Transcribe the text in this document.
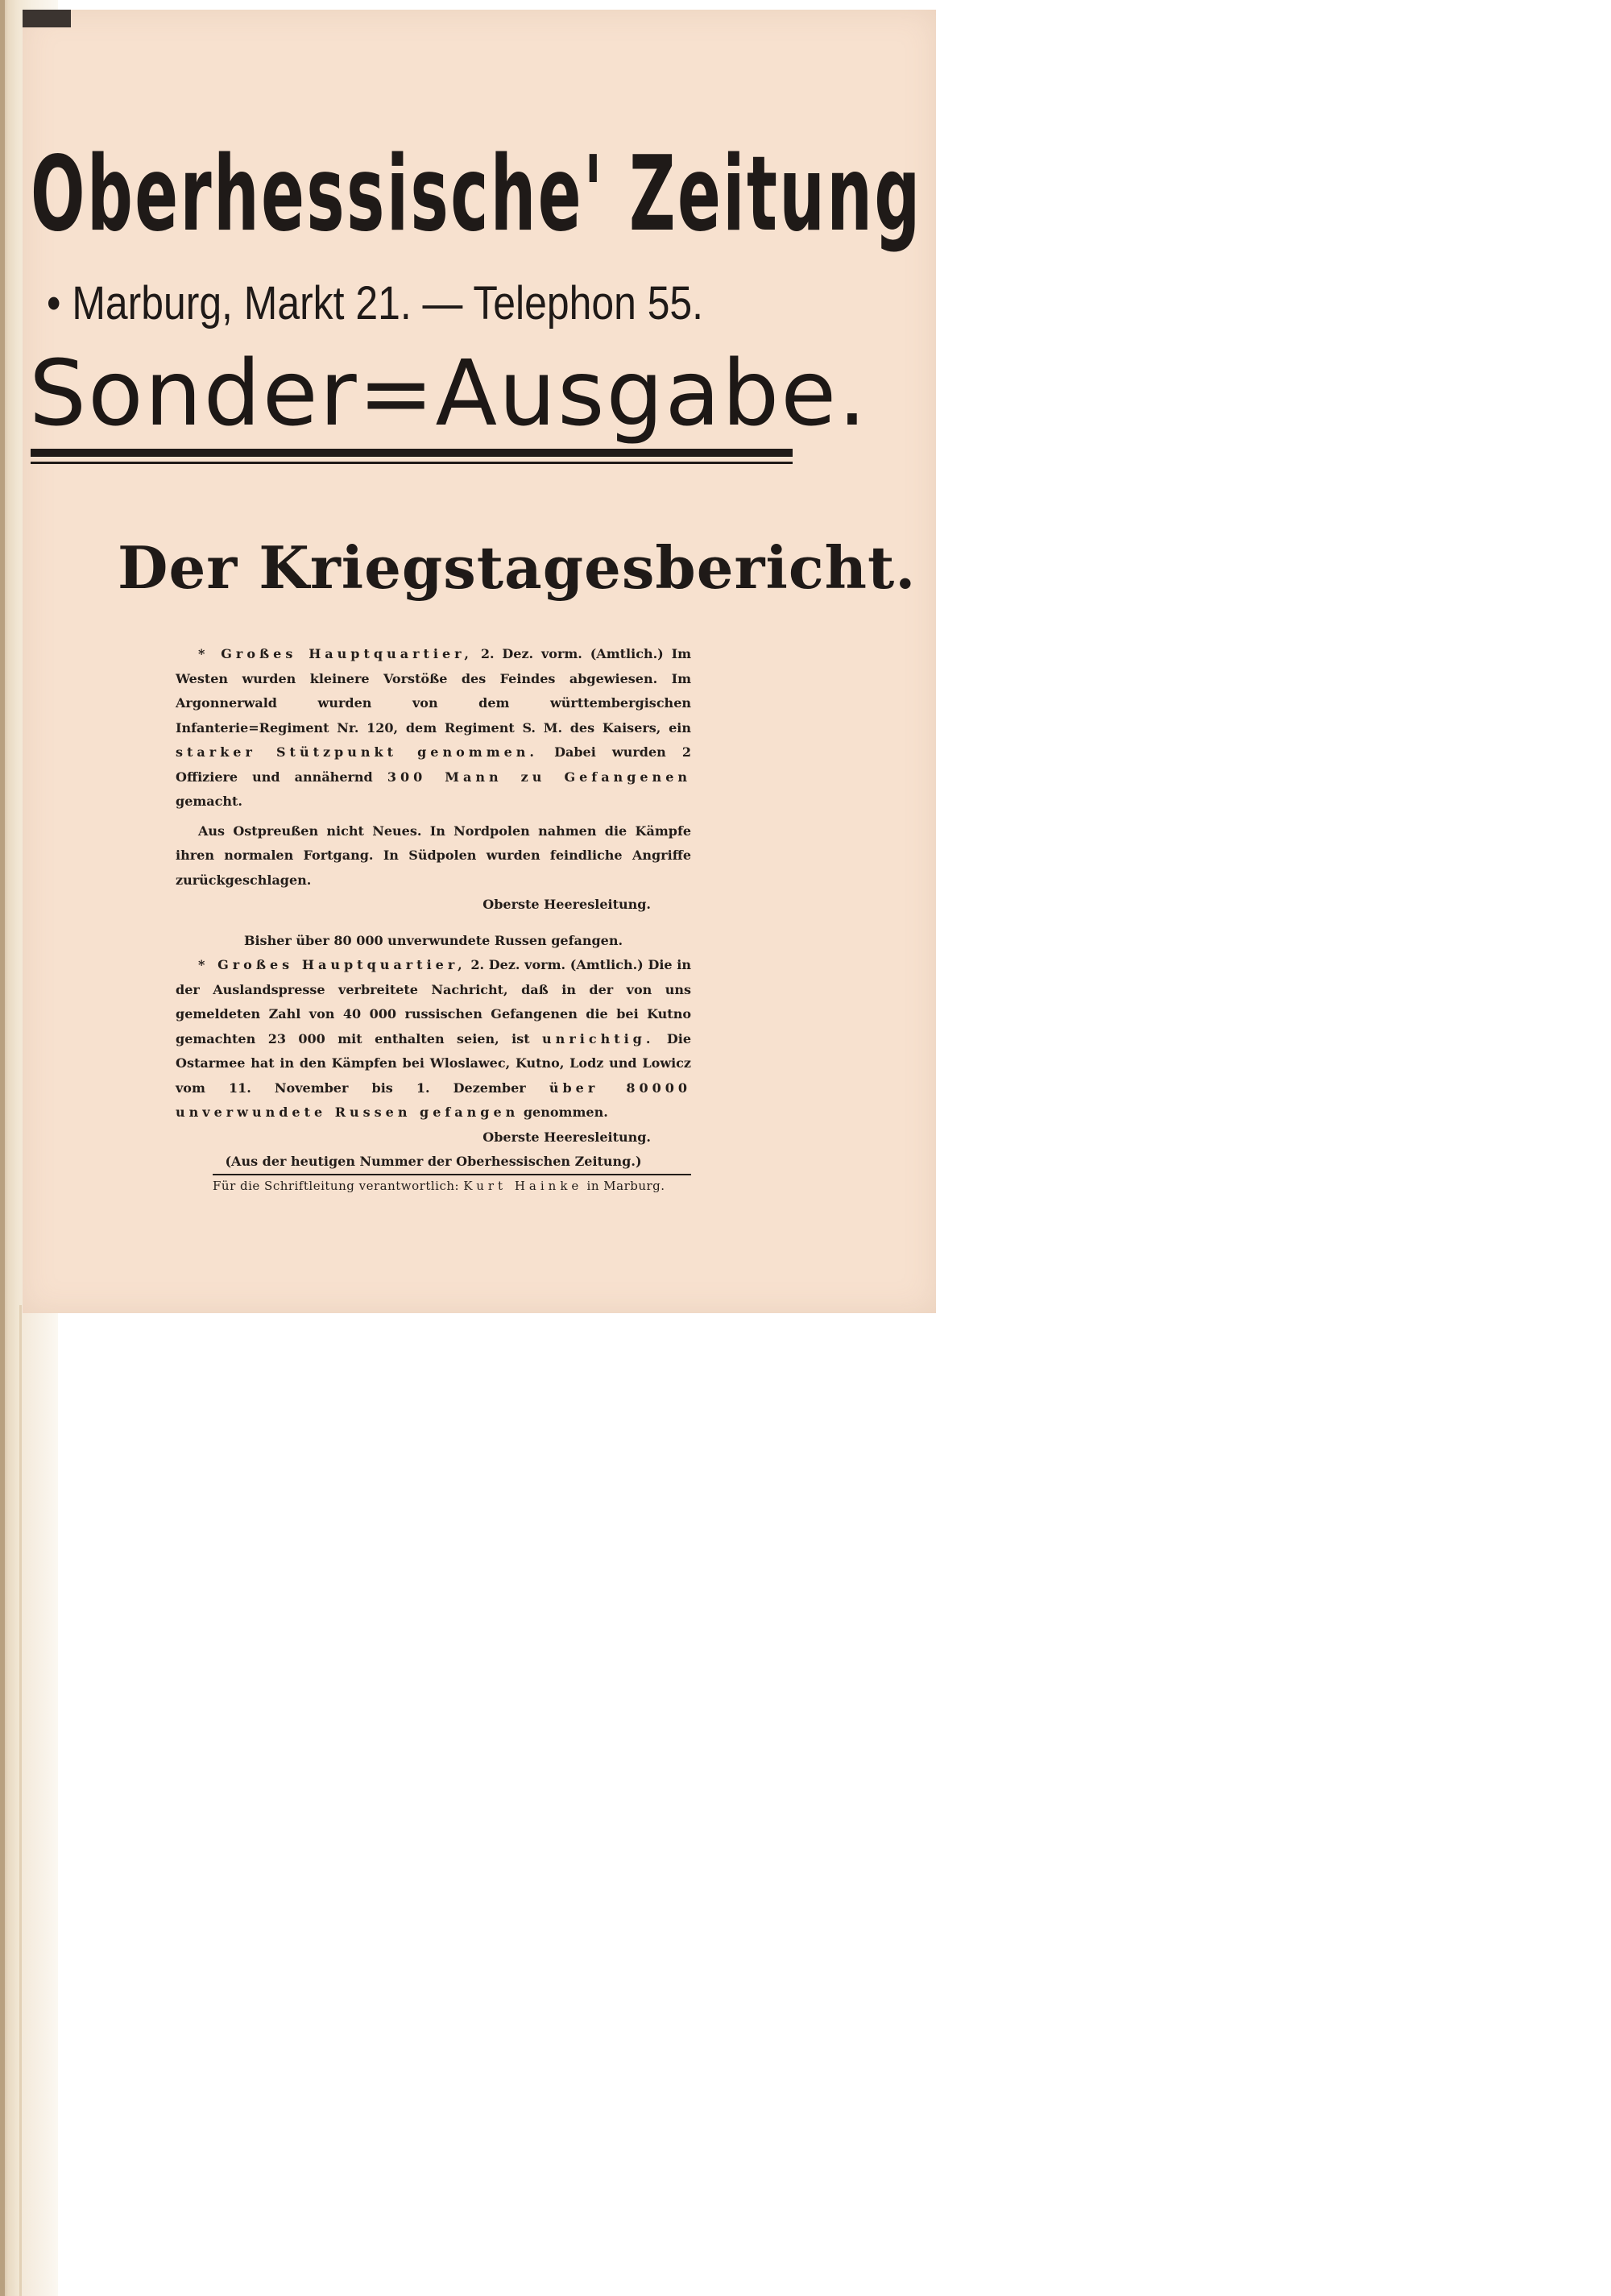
Oberhessische' Zeitung
• Marburg, Markt 21. — Telephon 55.
Sonder=Ausgabe.
Der Kriegstagesbericht.

* Großes Hauptquartier, 2. Dez. vorm. (Amtlich.) Im Westen wurden kleinere Vorstöße des Feindes abgewiesen. Im Argonnerwald wurden von dem württembergischen Infanterie=Regiment Nr. 120, dem Regiment S. M. des Kaisers, ein starker Stützpunkt genommen. Dabei wurden 2 Offiziere und annähernd 300 Mann zu Gefangenen gemacht.

Aus Ostpreußen nicht Neues. In Nordpolen nahmen die Kämpfe ihren normalen Fortgang. In Südpolen wurden feindliche Angriffe zurückgeschlagen.

Oberste Heeresleitung.

Bisher über 80 000 unverwundete Russen gefangen.

* Großes Hauptquartier, 2. Dez. vorm. (Amtlich.) Die in der Auslandspresse verbreitete Nachricht, daß in der von uns gemeldeten Zahl von 40 000 russischen Gefangenen die bei Kutno gemachten 23 000 mit enthalten seien, ist unrichtig. Die Ostarmee hat in den Kämpfen bei Wloslawec, Kutno, Lodz und Lowicz vom 11. November bis 1. Dezember über 80000 unverwundete Russen gefangen genommen.

Oberste Heeresleitung.

(Aus der heutigen Nummer der Oberhessischen Zeitung.)

Für die Schriftleitung verantwortlich: Kurt Hainke in Marburg.
